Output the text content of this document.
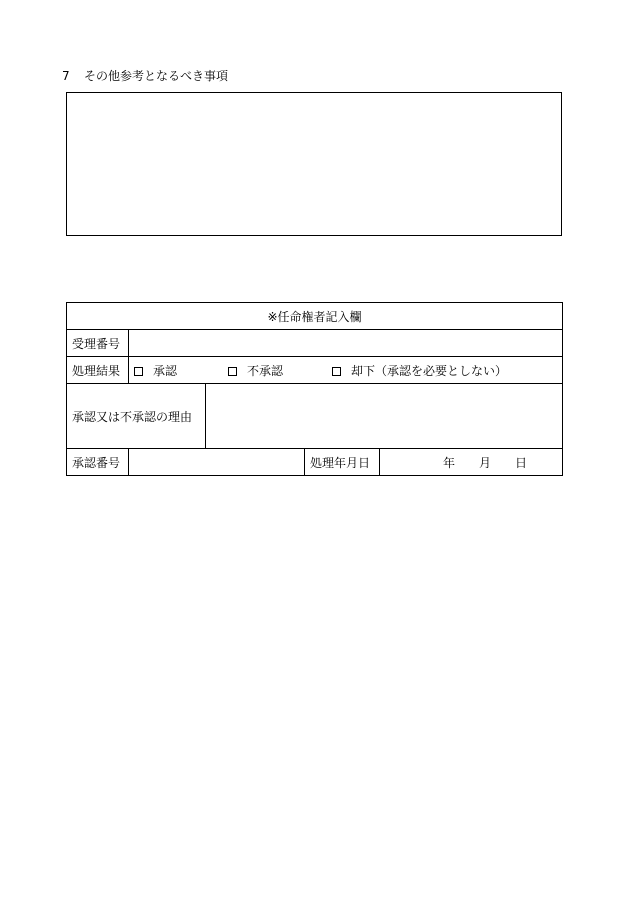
7 その他参考となるべき事項
※任命権者記入欄				
受理番号				
処理結果	承認 不承認 却下（承認を必要としない）			
承認又は不承認の理由				
承認番号			処理年月日	年 月 日
